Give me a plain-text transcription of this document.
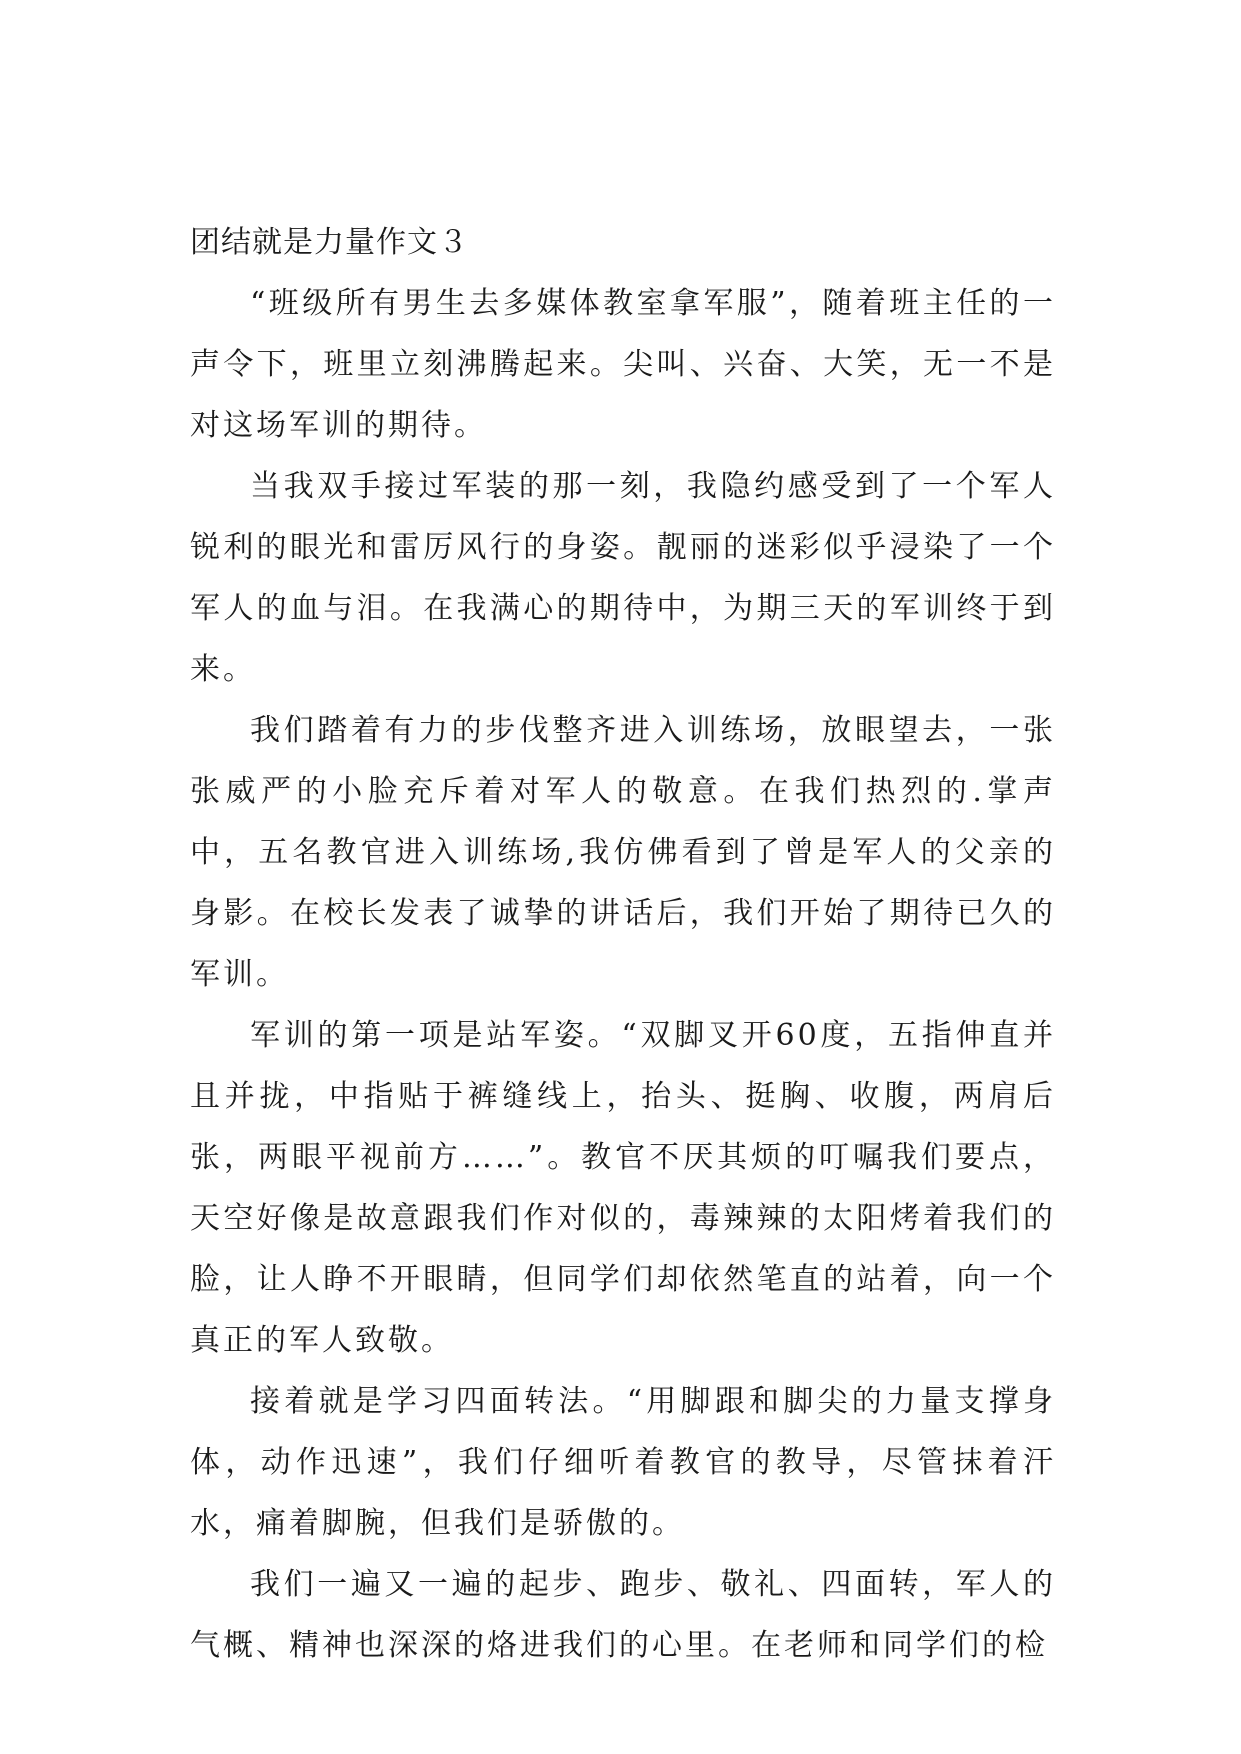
团结就是力量作文３

“班级所有男生去多媒体教室拿军服”，随着班主任的一声令下，班里立刻沸腾起来。尖叫、兴奋、大笑，无一不是对这场军训的期待。

当我双手接过军装的那一刻，我隐约感受到了一个军人锐利的眼光和雷厉风行的身姿。靓丽的迷彩似乎浸染了一个军人的血与泪。在我满心的期待中，为期三天的军训终于到来。

我们踏着有力的步伐整齐进入训练场，放眼望去，一张张威严的小脸充斥着对军人的敬意。在我们热烈的.掌声中，五名教官进入训练场,我仿佛看到了曾是军人的父亲的身影。在校长发表了诚挚的讲话后，我们开始了期待已久的军训。

军训的第一项是站军姿。“双脚叉开60度，五指伸直并且并拢，中指贴于裤缝线上，抬头、挺胸、收腹，两肩后张，两眼平视前方……”。教官不厌其烦的叮嘱我们要点，天空好像是故意跟我们作对似的，毒辣辣的太阳烤着我们的脸，让人睁不开眼睛，但同学们却依然笔直的站着，向一个真正的军人致敬。

接着就是学习四面转法。“用脚跟和脚尖的力量支撑身体，动作迅速”，我们仔细听着教官的教导，尽管抹着汗水，痛着脚腕，但我们是骄傲的。

我们一遍又一遍的起步、跑步、敬礼、四面转，军人的气概、精神也深深的烙进我们的心里。在老师和同学们的检
